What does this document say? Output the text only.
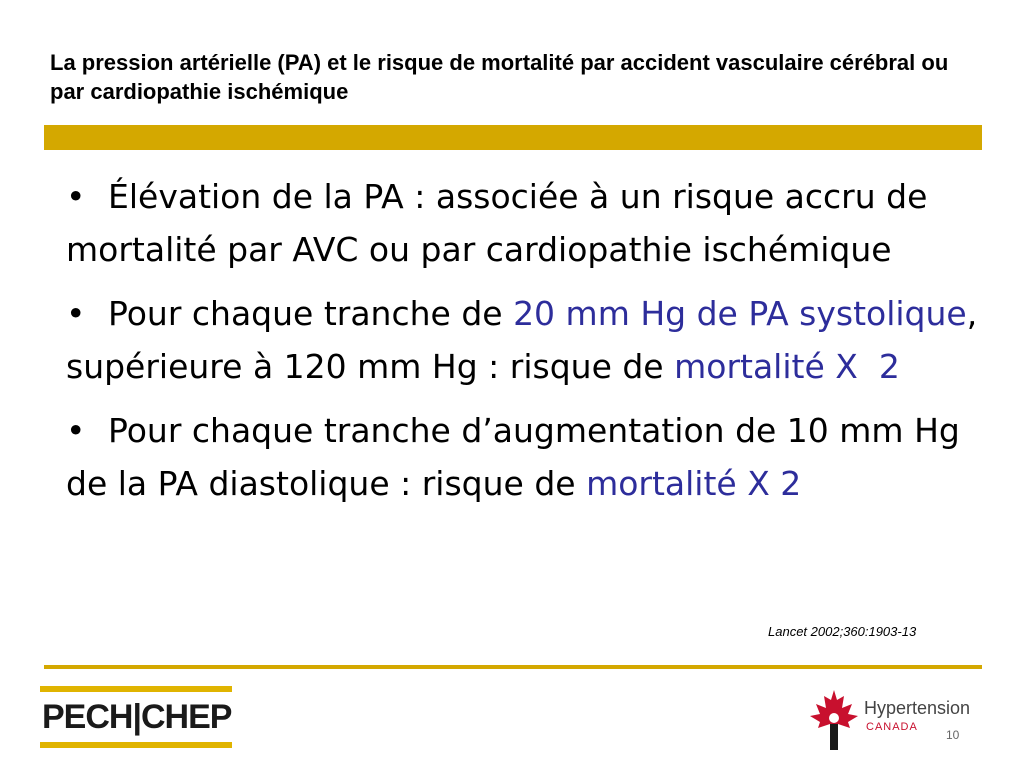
La pression artérielle (PA) et le risque de mortalité par accident vasculaire cérébral ou par cardiopathie ischémique
• Élévation de la PA : associée à un risque accru de mortalité par AVC ou par cardiopathie ischémique
• Pour chaque tranche de 20 mm Hg de PA systolique, supérieure à 120 mm Hg : risque de mortalité X  2
• Pour chaque tranche d’augmentation de 10 mm Hg de la PA diastolique : risque de mortalité X 2
Lancet 2002;360:1903-13
PECH|CHEP	Hypertension
CANADA
10
